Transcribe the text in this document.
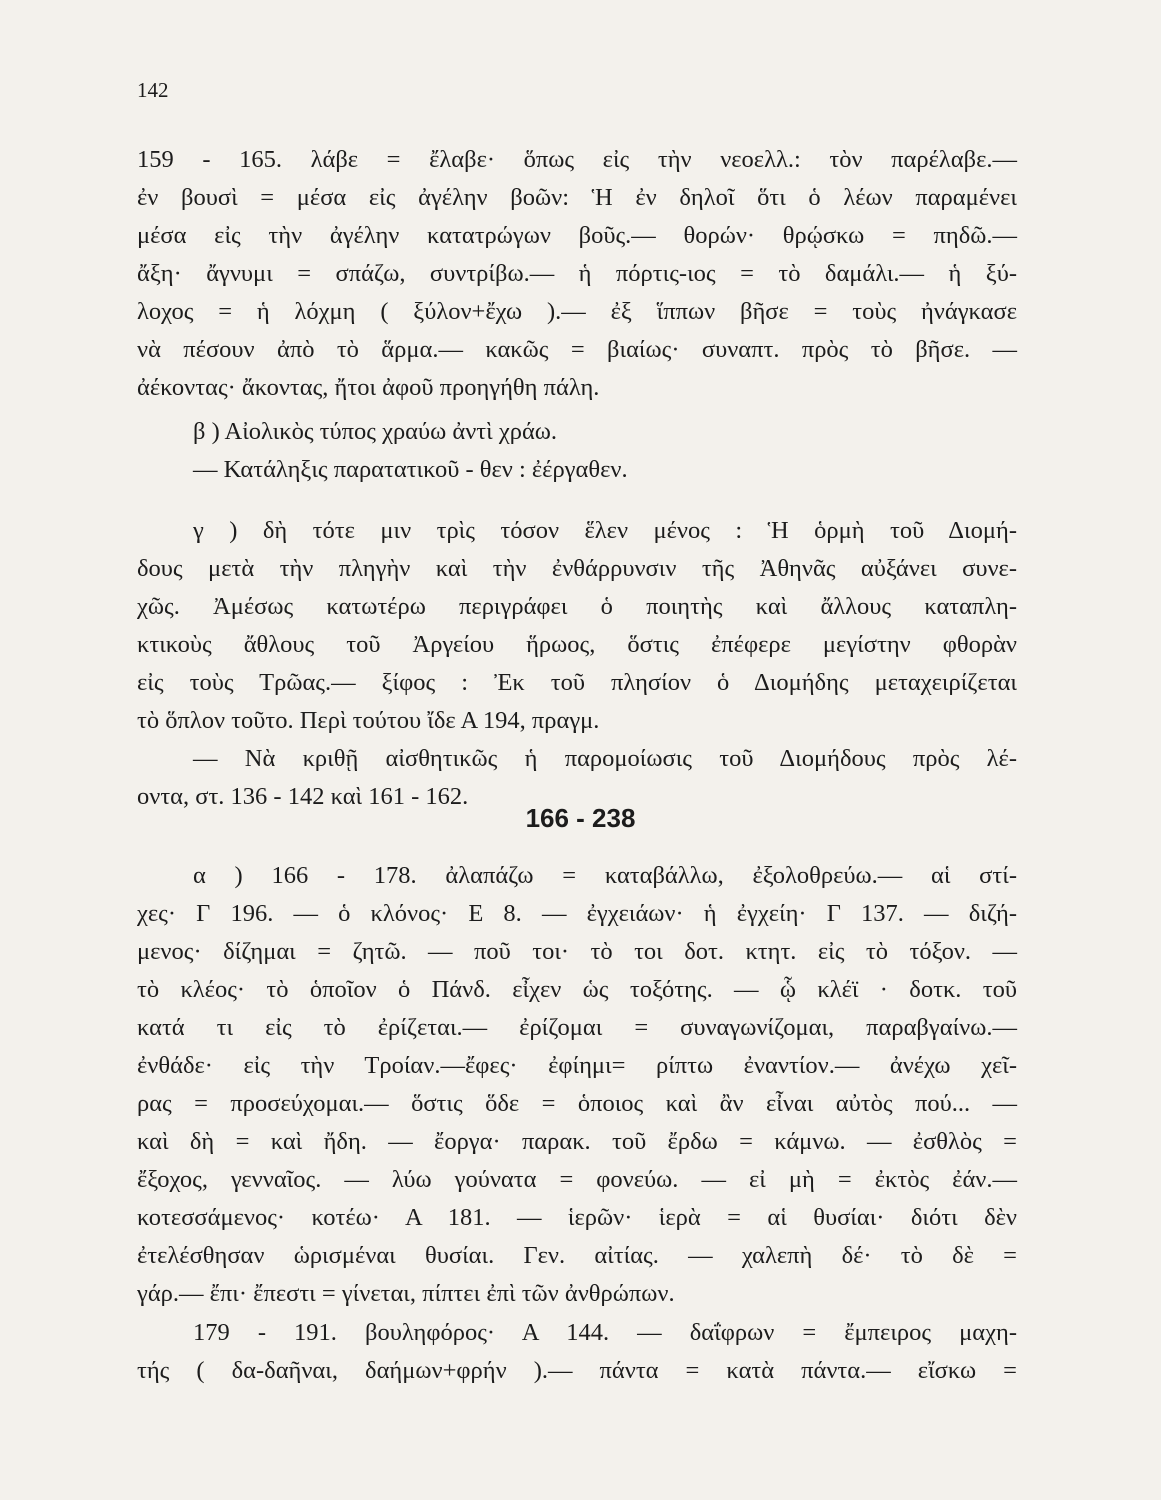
142
159 - 165. λάβε = ἔλαβε· ὅπως εἰς τὴν νεοελλ.: τὸν παρέλαβε.—
ἐν βουσὶ = μέσα εἰς ἀγέλην βοῶν: Ἡ ἐν δηλοῖ ὅτι ὁ λέων παραμένει
μέσα εἰς τὴν ἀγέλην κατατρώγων βοῦς.— θορών· θρῴσκω = πηδῶ.—
ἄξη· ἄγνυμι = σπάζω, συντρίβω.— ἡ πόρτις-ιος = τὸ δαμάλι.— ἡ ξύ-
λοχος = ἡ λόχμη ( ξύλον+ἔχω ).— ἐξ ἵππων βῆσε = τοὺς ἠνάγκασε
νὰ πέσουν ἀπὸ τὸ ἅρμα.— κακῶς = βιαίως· συναπτ. πρὸς τὸ βῆσε. —
ἀέκοντας· ἄκοντας, ἤτοι ἀφοῦ προηγήθη πάλη.
β ) Αἰολικὸς τύπος χραύω ἀντὶ χράω.
— Κατάληξις παρατατικοῦ - θεν : ἐέργαθεν.
γ ) δὴ τότε μιν τρὶς τόσον ἕλεν μένος : Ἡ ὁρμὴ τοῦ Διομή-
δους μετὰ τὴν πληγὴν καὶ τὴν ἐνθάρρυνσιν τῆς Ἀθηνᾶς αὐξάνει συνε-
χῶς. Ἀμέσως κατωτέρω περιγράφει ὁ ποιητὴς καὶ ἄλλους καταπλη-
κτικοὺς ἄθλους τοῦ Ἀργείου ἥρωος, ὅστις ἐπέφερε μεγίστην φθορὰν
εἰς τοὺς Τρῶας.— ξίφος : Ἐκ τοῦ πλησίον ὁ Διομήδης μεταχειρίζεται
τὸ ὅπλον τοῦτο. Περὶ τούτου ἴδε Α 194, πραγμ.
— Νὰ κριθῇ αἰσθητικῶς ἡ παρομοίωσις τοῦ Διομήδους πρὸς λέ-
οντα, στ. 136 - 142 καὶ 161 - 162.
166 - 238
α ) 166 - 178. ἀλαπάζω = καταβάλλω, ἐξολοθρεύω.— αἱ στί-
χες· Γ 196. — ὁ κλόνος· Ε 8. — ἐγχειάων· ἡ ἐγχείη· Γ 137. — διζή-
μενος· δίζημαι = ζητῶ. — ποῦ τοι· τὸ τοι δοτ. κτητ. εἰς τὸ τόξον. —
τὸ κλέος· τὸ ὁποῖον ὁ Πάνδ. εἶχεν ὡς τοξότης. — ᾧ κλέϊ · δοτκ. τοῦ
κατά τι εἰς τὸ ἐρίζεται.— ἐρίζομαι = συναγωνίζομαι, παραβγαίνω.—
ἐνθάδε· εἰς τὴν Τροίαν.—ἔφες· ἐφίημι= ρίπτω ἐναντίον.— ἀνέχω χεῖ-
ρας = προσεύχομαι.— ὅστις ὅδε = ὁποιος καὶ ἂν εἶναι αὐτὸς πού... —
καὶ δὴ = καὶ ἤδη. — ἔοργα· παρακ. τοῦ ἔρδω = κάμνω. — ἐσθλὸς =
ἔξοχος, γενναῖος. — λύω γούνατα = φονεύω. — εἰ μὴ = ἐκτὸς ἐάν.—
κοτεσσάμενος· κοτέω· Α 181. — ἱερῶν· ἱερὰ = αἱ θυσίαι· διότι δὲν
ἐτελέσθησαν ὡρισμέναι θυσίαι. Γεν. αἰτίας. — χαλεπὴ δέ· τὸ δὲ =
γάρ.— ἔπι· ἔπεστι = γίνεται, πίπτει ἐπὶ τῶν ἀνθρώπων.
179 - 191. βουληφόρος· Α 144. — δαΐφρων = ἔμπειρος μαχη-
τής ( δα-δαῆναι, δαήμων+φρήν ).— πάντα = κατὰ πάντα.— εἴσκω =
